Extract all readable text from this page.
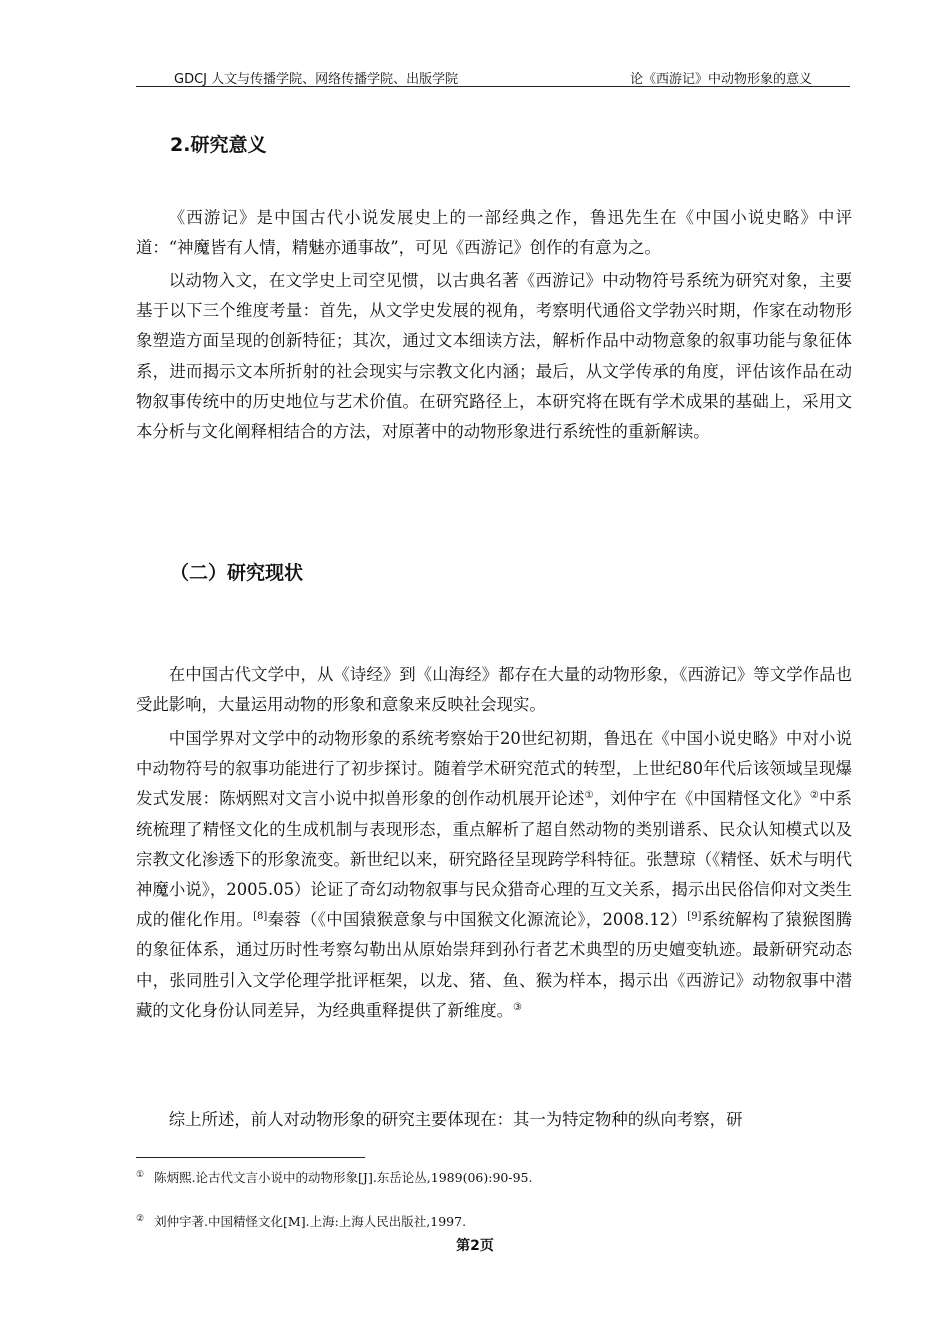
GDCJ 人文与传播学院、网络传播学院、出版学院	论《西游记》中动物形象的意义
2.研究意义

《西游记》是中国古代小说发展史上的一部经典之作，鲁迅先生在《中国小说史略》中评道：“神魔皆有人情，精魅亦通事故”，可见《西游记》创作的有意为之。

以动物入文，在文学史上司空见惯，以古典名著《西游记》中动物符号系统为研究对象，主要基于以下三个维度考量：首先，从文学史发展的视角，考察明代通俗文学勃兴时期，作家在动物形象塑造方面呈现的创新特征；其次，通过文本细读方法，解析作品中动物意象的叙事功能与象征体系，进而揭示文本所折射的社会现实与宗教文化内涵；最后，从文学传承的角度，评估该作品在动物叙事传统中的历史地位与艺术价值。在研究路径上，本研究将在既有学术成果的基础上，采用文本分析与文化阐释相结合的方法，对原著中的动物形象进行系统性的重新解读。

（二）研究现状

在中国古代文学中，从《诗经》到《山海经》都存在大量的动物形象，《西游记》等文学作品也受此影响，大量运用动物的形象和意象来反映社会现实。

中国学界对文学中的动物形象的系统考察始于20世纪初期，鲁迅在《中国小说史略》中对小说中动物符号的叙事功能进行了初步探讨。随着学术研究范式的转型，上世纪80年代后该领域呈现爆发式发展：陈炳熙对文言小说中拟兽形象的创作动机展开论述①，刘仲宇在《中国精怪文化》②中系统梳理了精怪文化的生成机制与表现形态，重点解析了超自然动物的类别谱系、民众认知模式以及宗教文化渗透下的形象流变。新世纪以来，研究路径呈现跨学科特征。张慧琼（《精怪、妖术与明代神魔小说》，2005.05）论证了奇幻动物叙事与民众猎奇心理的互文关系，揭示出民俗信仰对文类生成的催化作用。[8]秦蓉（《中国猿猴意象与中国猴文化源流论》，2008.12）[9]系统解构了猿猴图腾的象征体系，通过历时性考察勾勒出从原始崇拜到孙行者艺术典型的历史嬗变轨迹。最新研究动态中，张同胜引入文学伦理学批评框架，以龙、猪、鱼、猴为样本，揭示出《西游记》动物叙事中潜藏的文化身份认同差异，为经典重释提供了新维度。③

综上所述，前人对动物形象的研究主要体现在：其一为特定物种的纵向考察，研

① 陈炳熙.论古代文言小说中的动物形象[J].东岳论丛,1989(06):90-95.

② 刘仲宇著.中国精怪文化[M].上海:上海人民出版社,1997.

第2页
